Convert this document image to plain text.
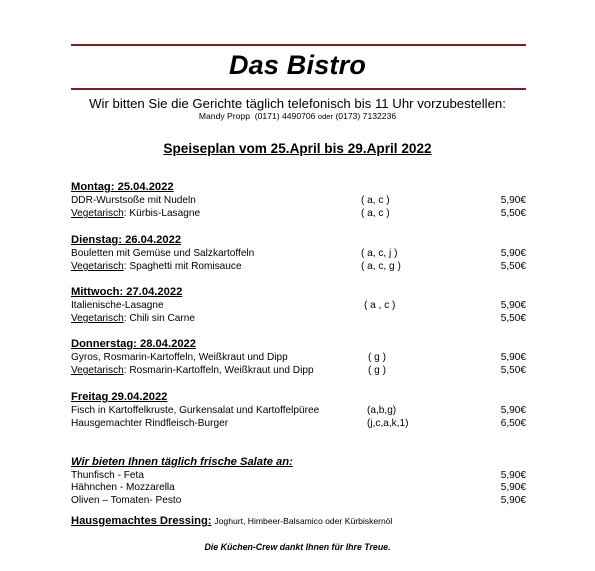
Das Bistro
Wir bitten Sie die Gerichte täglich telefonisch bis 11 Uhr vorzubestellen:
Mandy Propp (0171) 4490706 oder (0173) 7132236
Speiseplan vom 25.April bis 29.April 2022
Montag: 25.04.2022
DDR-Wurstsoße mit Nudeln	( a, c )	5,90€
Vegetarisch: Kürbis-Lasagne	( a, c )	5,50€
Dienstag: 26.04.2022
Bouletten mit Gemüse und Salzkartoffeln	( a, c, j )	5,90€
Vegetarisch: Spaghetti mit Romisauce	( a, c, g )	5,50€
Mittwoch: 27.04.2022
Italienische-Lasagne	( a , c )	5,90€
Vegetarisch: Chili sin Carne	5,50€
Donnerstag: 28.04.2022
Gyros, Rosmarin-Kartoffeln, Weißkraut und Dipp	( g )	5,90€
Vegetarisch: Rosmarin-Kartoffeln, Weißkraut und Dipp	( g )	5,50€
Freitag 29.04.2022
Fisch in Kartoffelkruste, Gurkensalat und Kartoffelpüree	(a,b,g)	5,90€
Hausgemachter Rindfleisch-Burger	(j,c,a,k,1)	6,50€
Wir bieten Ihnen täglich frische Salate an:
Thunfisch - Feta	5,90€
Hähnchen - Mozzarella	5,90€
Oliven – Tomaten- Pesto	5,90€
Hausgemachtes Dressing: Joghurt, Himbeer-Balsamico oder Kürbiskernöl
Die Küchen-Crew dankt Ihnen für Ihre Treue.
